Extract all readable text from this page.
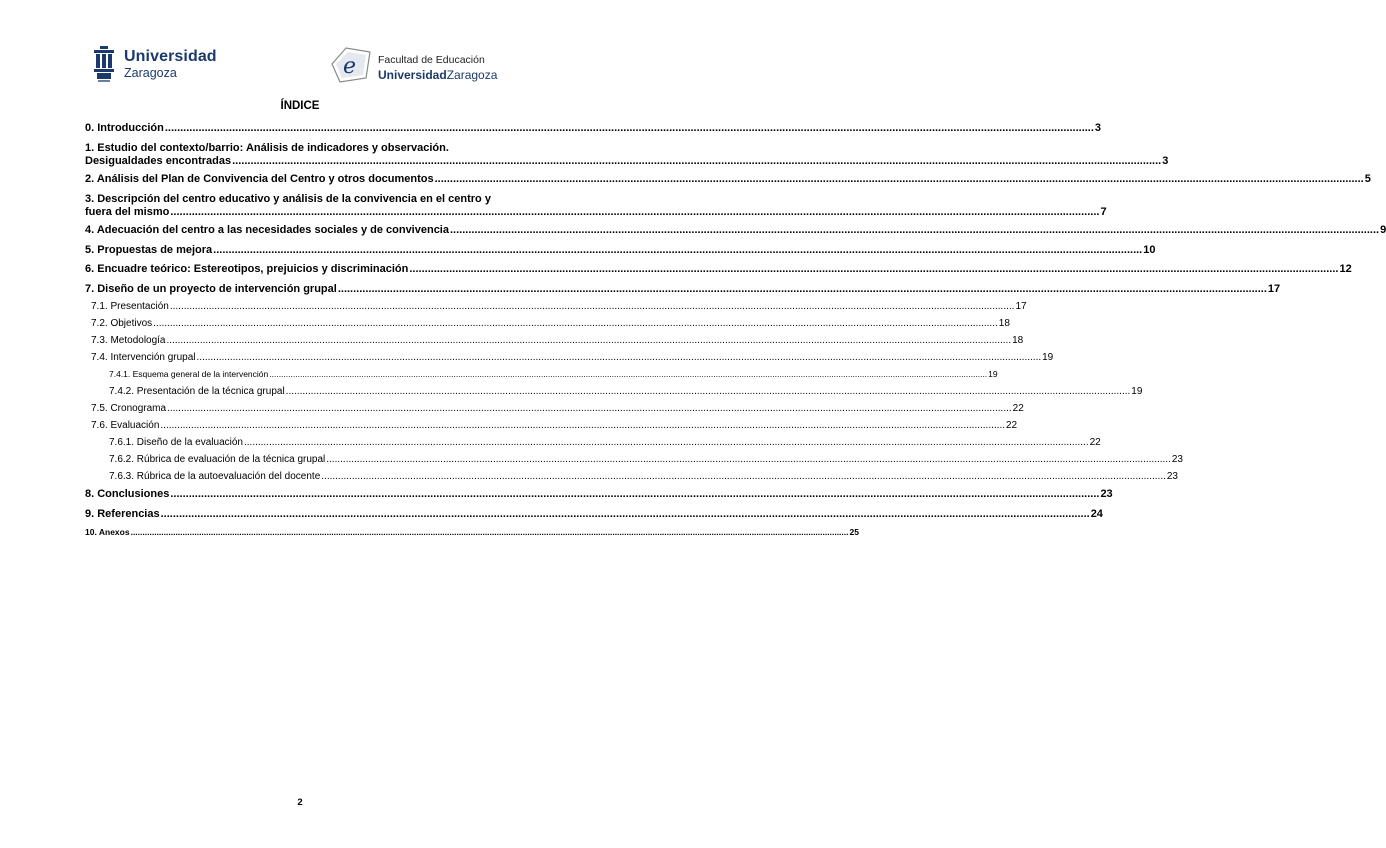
Universidad
Zaragoza	e Facultad de Educación
UniversidadZaragoza
ÍNDICE
0. Introducción .....	3
1. Estudio del contexto/barrio: Análisis de indicadores y observación.
Desigualdades encontradas .....	3
2. Análisis del Plan de Convivencia del Centro y otros documentos .....	5
3. Descripción del centro educativo y análisis de la convivencia en el centro y
fuera del mismo .....	7
4. Adecuación del centro a las necesidades sociales y de convivencia .....	9
5. Propuestas de mejora .....	10
6. Encuadre teórico: Estereotipos, prejuicios y discriminación .....	12
7. Diseño de un proyecto de intervención grupal .....	17
7.1. Presentación .....	17
7.2. Objetivos .....	18
7.3. Metodología .....	18
7.4. Intervención grupal .....	19
7.4.1. Esquema general de la intervención .....	19
7.4.2. Presentación de la técnica grupal .....	19
7.5. Cronograma .....	22
7.6. Evaluación .....	22
7.6.1. Diseño de la evaluación .....	22
7.6.2. Rúbrica de evaluación de la técnica grupal .....	23
7.6.3. Rúbrica de la autoevaluación del docente .....	23
8. Conclusiones .....	23
9. Referencias .....	24
10. Anexos .....	25
2
